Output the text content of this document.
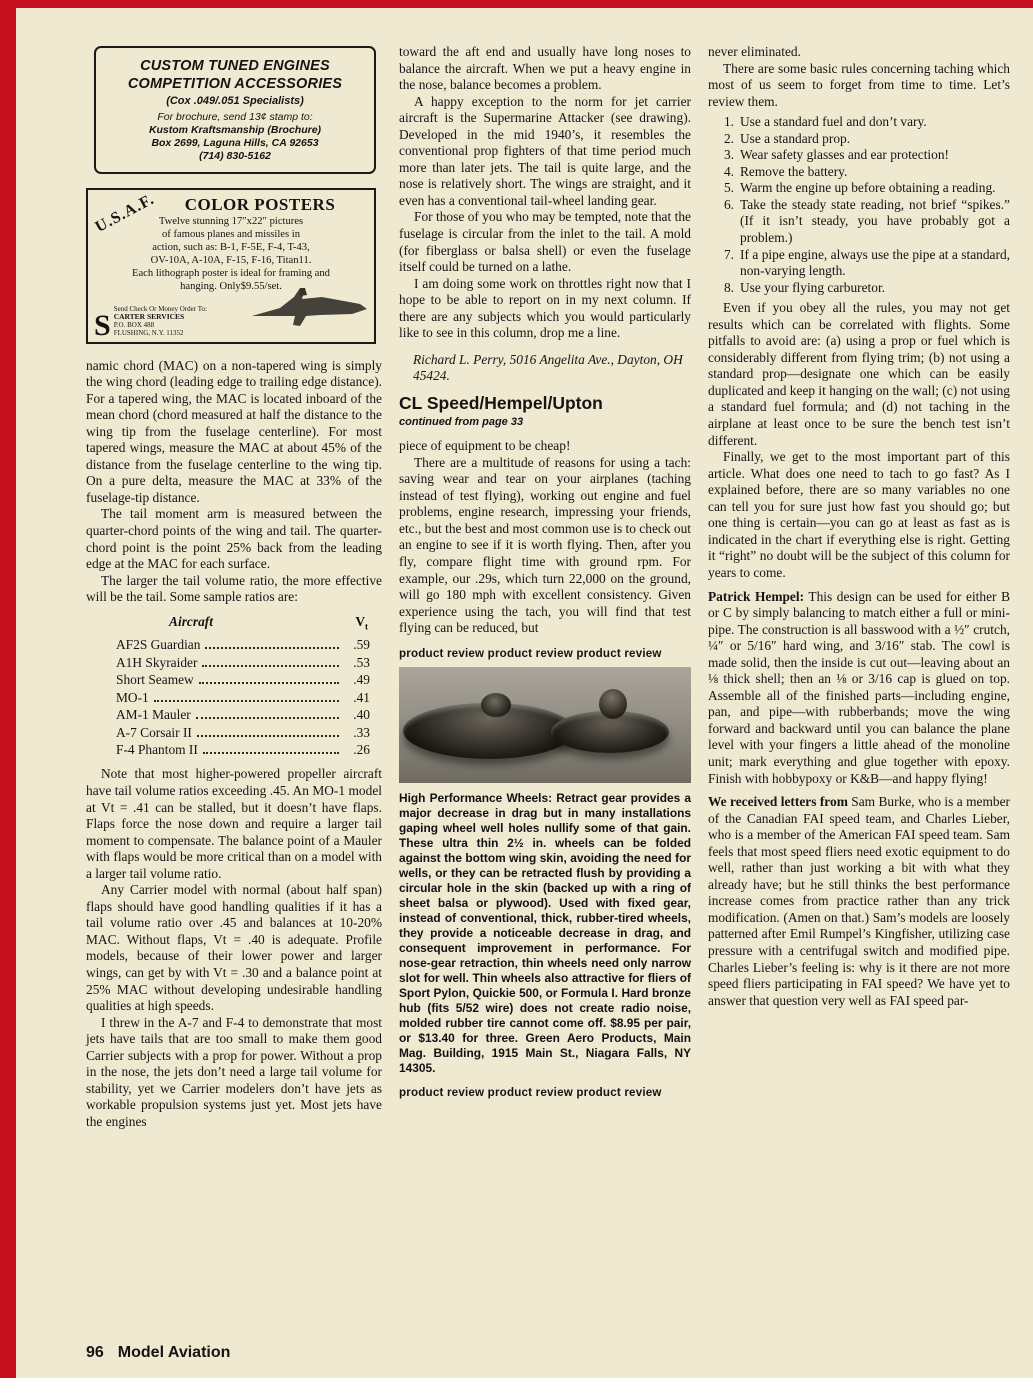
CUSTOM TUNED ENGINES
COMPETITION ACCESSORIES
(Cox .049/.051 Specialists)
For brochure, send 13¢ stamp to:
Kustom Kraftsmanship (Brochure)
Box 2699, Laguna Hills, CA 92653
(714) 830-5162
U.S.A.F.	COLOR POSTERS
Twelve stunning 17″x22″ pictures
of famous planes and missiles in
action, such as: B-1, F-5E, F-4, T-43,
OV-10A, A-10A, F-15, F-16, Titan11.
Each lithograph poster is ideal for framing and
hanging. Only$9.55/set.
S Send Check Or Money Order To:
CARTER SERVICES
P.O. BOX 488
FLUSHING, N.Y. 11352

namic chord (MAC) on a non-tapered wing is simply the wing chord (leading edge to trailing edge distance). For a tapered wing, the MAC is located inboard of the mean chord (chord measured at half the distance to the wing tip from the fuselage centerline). For most tapered wings, measure the MAC at about 45% of the distance from the fuselage centerline to the wing tip. On a pure delta, measure the MAC at 33% of the fuselage-tip distance.

The tail moment arm is measured between the quarter-chord points of the wing and tail. The quarter-chord point is the point 25% back from the leading edge at the MAC for each surface.

The larger the tail volume ratio, the more effective will be the tail. Some sample ratios are:

Aircraft	$V_t$
AF2S Guardian	.59
A1H Skyraider	.53
Short Seamew	.49
MO-1	.41
AM-1 Mauler	.40
A-7 Corsair II	.33
F-4 Phantom II	.26

Note that most higher-powered propeller aircraft have tail volume ratios exceeding .45. An MO-1 model at Vt = .41 can be stalled, but it doesn’t have flaps. Flaps force the nose down and require a larger tail moment to compensate. The balance point of a Mauler with flaps would be more critical than on a model with a larger tail volume ratio.

Any Carrier model with normal (about half span) flaps should have good handling qualities if it has a tail volume ratio over .45 and balances at 10-20% MAC. Without flaps, Vt = .40 is adequate. Profile models, because of their lower power and larger wings, can get by with Vt = .30 and a balance point at 25% MAC without developing undesirable handling qualities at high speeds.

I threw in the A-7 and F-4 to demonstrate that most jets have tails that are too small to make them good Carrier subjects with a prop for power. Without a prop in the nose, the jets don’t need a large tail volume for stability, yet we Carrier modelers don’t have jets as workable propulsion systems just yet. Most jets have the engines

toward the aft end and usually have long noses to balance the aircraft. When we put a heavy engine in the nose, balance becomes a problem.

A happy exception to the norm for jet carrier aircraft is the Supermarine Attacker (see drawing). Developed in the mid 1940’s, it resembles the conventional prop fighters of that time period much more than later jets. The tail is quite large, and the nose is relatively short. The wings are straight, and it even has a conventional tail-wheel landing gear.

For those of you who may be tempted, note that the fuselage is circular from the inlet to the tail. A mold (for fiberglass or balsa shell) or even the fuselage itself could be turned on a lathe.

I am doing some work on throttles right now that I hope to be able to report on in my next column. If there are any subjects which you would particularly like to see in this column, drop me a line.

Richard L. Perry, 5016 Angelita Ave., Dayton, OH 45424.

CL Speed/Hempel/Upton
continued from page 33

piece of equipment to be cheap!

There are a multitude of reasons for using a tach: saving wear and tear on your airplanes (taching instead of test flying), working out engine and fuel problems, engine research, impressing your friends, etc., but the best and most common use is to check out an engine to see if it is worth flying. Then, after you fly, compare flight time with ground rpm. For example, our .29s, which turn 22,000 on the ground, will go 180 mph with excellent consistency. Given experience using the tach, you will find that test flying can be reduced, but

product review product review product review
High Performance Wheels: Retract gear provides a major decrease in drag but in many installations gaping wheel well holes nullify some of that gain. These ultra thin 2½ in. wheels can be folded against the bottom wing skin, avoiding the need for wells, or they can be retracted flush by providing a circular hole in the skin (backed up with a ring of sheet balsa or plywood). Used with fixed gear, instead of conventional, thick, rubber-tired wheels, they provide a noticeable decrease in drag, and consequent improvement in performance. For nose-gear retraction, thin wheels need only narrow slot for well. Thin wheels also attractive for fliers of Sport Pylon, Quickie 500, or Formula I. Hard bronze hub (fits 5/52 wire) does not create radio noise, molded rubber tire cannot come off. $8.95 per pair, or $13.40 for three. Green Aero Products, Main Mag. Building, 1915 Main St., Niagara Falls, NY 14305.
product review product review product review

never eliminated.

There are some basic rules concerning taching which most of us seem to forget from time to time. Let’s review them.

1. Use a standard fuel and don’t vary.
2. Use a standard prop.
3. Wear safety glasses and ear protection!
4. Remove the battery.
5. Warm the engine up before obtaining a reading.
6. Take the steady state reading, not brief “spikes.” (If it isn’t steady, you have probably got a problem.)
7. If a pipe engine, always use the pipe at a standard, non-varying length.
8. Use your flying carburetor.

Even if you obey all the rules, you may not get results which can be correlated with flights. Some pitfalls to avoid are: (a) using a prop or fuel which is considerably different from flying trim; (b) not using a standard prop—designate one which can be easily duplicated and keep it hanging on the wall; (c) not using a standard fuel formula; and (d) not taching in the airplane at least once to be sure the bench test isn’t different.

Finally, we get to the most important part of this article. What does one need to tach to go fast? As I explained before, there are so many variables no one can tell you for sure just how fast you should go; but one thing is certain—you can go at least as fast as is indicated in the chart if everything else is right. Getting it “right” no doubt will be the subject of this column for years to come.

Patrick Hempel: This design can be used for either B or C by simply balancing to match either a full or mini-pipe. The construction is all basswood with a ½″ crutch, ¼″ or 5/16″ hard wing, and 3/16″ stab. The cowl is made solid, then the inside is cut out—leaving about an ⅛ thick shell; then an ⅛ or 3/16 cap is glued on top. Assemble all of the finished parts—including engine, pan, and pipe—with rubberbands; move the wing forward and backward until you can balance the plane level with your fingers a little ahead of the monoline unit; mark everything and glue together with epoxy. Finish with hobbypoxy or K&B—and happy flying!

We received letters from Sam Burke, who is a member of the Canadian FAI speed team, and Charles Lieber, who is a member of the American FAI speed team. Sam feels that most speed fliers need exotic equipment to do well, rather than just working a bit with what they already have; but he still thinks the best performance increase comes from practice rather than any trick modification. (Amen on that.) Sam’s models are loosely patterned after Emil Rumpel’s Kingfisher, utilizing case pressure with a centrifugal switch and modified pipe. Charles Lieber’s feeling is: why is it there are not more speed fliers participating in FAI speed? We have yet to answer that question very well as FAI speed par-

96 Model Aviation
